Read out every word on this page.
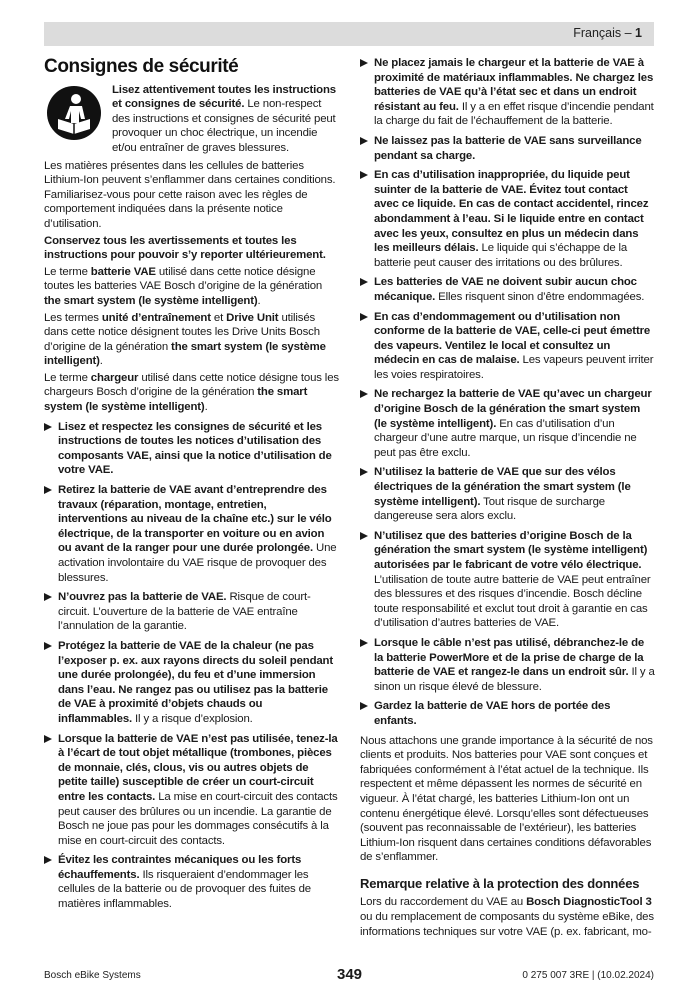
Français – 1
Consignes de sécurité
Lisez attentivement toutes les instructions et consignes de sécurité. Le non-respect des instructions et consignes de sécurité peut provoquer un choc électrique, un incendie et/ou entraîner de graves blessures.

Les matières présentes dans les cellules de batteries Lithium-Ion peuvent s’enflammer dans certaines conditions. Familiarisez-vous pour cette raison avec les règles de comportement indiquées dans la présente notice d’utilisation.

Conservez tous les avertissements et toutes les instructions pour pouvoir s’y reporter ultérieurement.

Le terme batterie VAE utilisé dans cette notice désigne toutes les batteries VAE Bosch d’origine de la génération the smart system (le système intelligent).

Les termes unité d’entraînement et Drive Unit utilisés dans cette notice désignent toutes les Drive Units Bosch d’origine de la génération the smart system (le système intelligent).

Le terme chargeur utilisé dans cette notice désigne tous les chargeurs Bosch d’origine de la génération the smart system (le système intelligent).

Lisez et respectez les consignes de sécurité et les instructions de toutes les notices d’utilisation des composants VAE, ainsi que la notice d’utilisation de votre VAE.
Retirez la batterie de VAE avant d’entreprendre des travaux (réparation, montage, entretien, interventions au niveau de la chaîne etc.) sur le vélo électrique, de la transporter en voiture ou en avion ou avant de la ranger pour une durée prolongée. Une activation involontaire du VAE risque de provoquer des blessures.
N’ouvrez pas la batterie de VAE. Risque de court-circuit. L’ouverture de la batterie de VAE entraîne l’annulation de la garantie.
Protégez la batterie de VAE de la chaleur (ne pas l’exposer p. ex. aux rayons directs du soleil pendant une durée prolongée), du feu et d’une immersion dans l’eau. Ne rangez pas ou utilisez pas la batterie de VAE à proximité d’objets chauds ou inflammables. Il y a risque d’explosion.
Lorsque la batterie de VAE n’est pas utilisée, tenez-la à l’écart de tout objet métallique (trombones, pièces de monnaie, clés, clous, vis ou autres objets de petite taille) susceptible de créer un court-circuit entre les contacts. La mise en court-circuit des contacts peut causer des brûlures ou un incendie. La garantie de Bosch ne joue pas pour les dommages consécutifs à la mise en court-circuit des contacts.
Évitez les contraintes mécaniques ou les forts échauffements. Ils risqueraient d’endommager les cellules de la batterie ou de provoquer des fuites de matières inflammables.
Ne placez jamais le chargeur et la batterie de VAE à proximité de matériaux inflammables. Ne chargez les batteries de VAE qu’à l’état sec et dans un endroit résistant au feu. Il y a en effet risque d’incendie pendant la charge du fait de l’échauffement de la batterie.
Ne laissez pas la batterie de VAE sans surveillance pendant sa charge.
En cas d’utilisation inappropriée, du liquide peut suinter de la batterie de VAE. Évitez tout contact avec ce liquide. En cas de contact accidentel, rincez abondamment à l’eau. Si le liquide entre en contact avec les yeux, consultez en plus un médecin dans les meilleurs délais. Le liquide qui s’échappe de la batterie peut causer des irritations ou des brûlures.
Les batteries de VAE ne doivent subir aucun choc mécanique. Elles risquent sinon d’être endommagées.
En cas d’endommagement ou d’utilisation non conforme de la batterie de VAE, celle-ci peut émettre des vapeurs. Ventilez le local et consultez un médecin en cas de malaise. Les vapeurs peuvent irriter les voies respiratoires.
Ne rechargez la batterie de VAE qu’avec un chargeur d’origine Bosch de la génération the smart system (le système intelligent). En cas d’utilisation d’un chargeur d’une autre marque, un risque d’incendie ne peut pas être exclu.
N’utilisez la batterie de VAE que sur des vélos électriques de la génération the smart system (le système intelligent). Tout risque de surcharge dangereuse sera alors exclu.
N’utilisez que des batteries d’origine Bosch de la génération the smart system (le système intelligent) autorisées par le fabricant de votre vélo électrique. L’utilisation de toute autre batterie de VAE peut entraîner des blessures et des risques d’incendie. Bosch décline toute responsabilité et exclut tout droit à garantie en cas d’utilisation d’autres batteries de VAE.
Lorsque le câble n’est pas utilisé, débranchez-le de la batterie PowerMore et de la prise de charge de la batterie de VAE et rangez-le dans un endroit sûr. Il y a sinon un risque élevé de blessure.
Gardez la batterie de VAE hors de portée des enfants.

Nous attachons une grande importance à la sécurité de nos clients et produits. Nos batteries pour VAE sont conçues et fabriquées conformément à l’état actuel de la technique. Ils respectent et même dépassent les normes de sécurité en vigueur. À l’état chargé, les batteries Lithium-Ion ont un contenu énergétique élevé. Lorsqu’elles sont défectueuses (souvent pas reconnaissable de l’extérieur), les batteries Lithium-Ion risquent dans certaines conditions défavorables de s’enflammer.

Remarque relative à la protection des données

Lors du raccordement du VAE au Bosch DiagnosticTool 3 ou du remplacement de composants du système eBike, des informations techniques sur votre VAE (p. ex. fabricant, mo-

Bosch eBike Systems	349	0 275 007 3RE | (10.02.2024)
